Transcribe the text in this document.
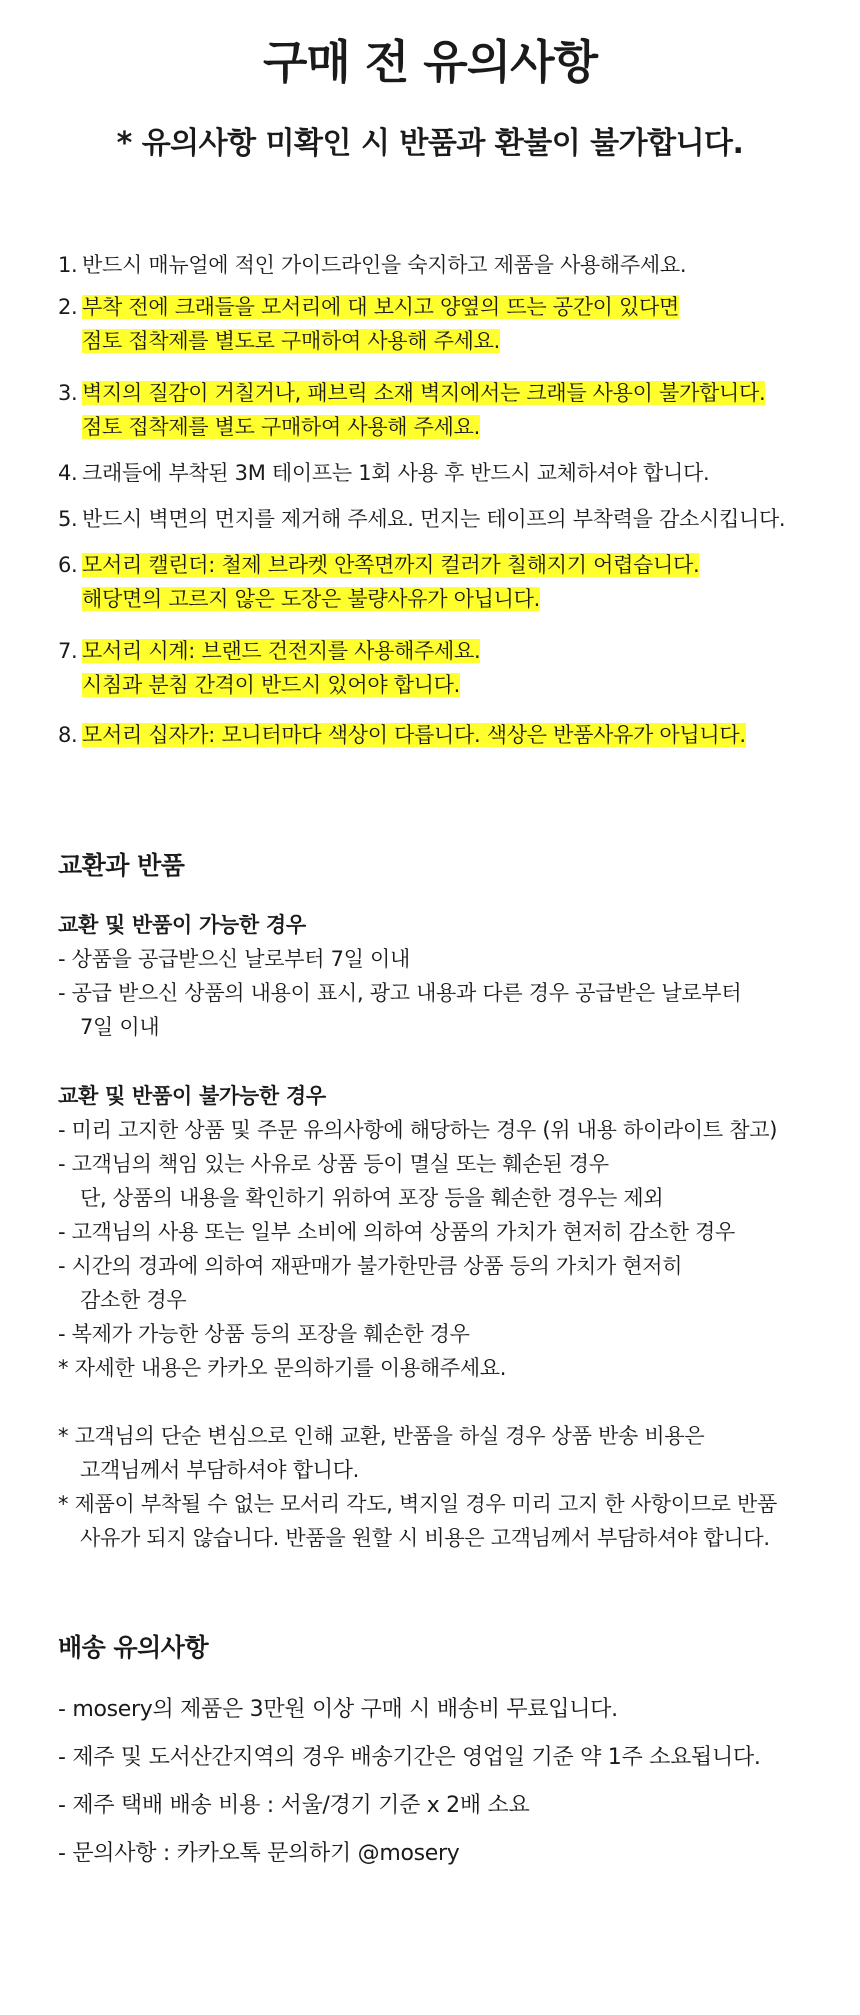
구매 전 유의사항
* 유의사항 미확인 시 반품과 환불이 불가합니다.
1. 반드시 매뉴얼에 적인 가이드라인을 숙지하고 제품을 사용해주세요.
2. 부착 전에 크래들을 모서리에 대 보시고 양옆의 뜨는 공간이 있다면
점토 접착제를 별도로 구매하여 사용해 주세요.
3. 벽지의 질감이 거칠거나, 패브릭 소재 벽지에서는 크래들 사용이 불가합니다.
점토 접착제를 별도 구매하여 사용해 주세요.
4. 크래들에 부착된 3M 테이프는 1회 사용 후 반드시 교체하셔야 합니다.
5. 반드시 벽면의 먼지를 제거해 주세요. 먼지는 테이프의 부착력을 감소시킵니다.
6. 모서리 캘린더: 철제 브라켓 안쪽면까지 컬러가 칠해지기 어렵습니다.
해당면의 고르지 않은 도장은 불량사유가 아닙니다.
7. 모서리 시계: 브랜드 건전지를 사용해주세요.
시침과 분침 간격이 반드시 있어야 합니다.
8. 모서리 십자가: 모니터마다 색상이 다릅니다. 색상은 반품사유가 아닙니다.
교환과 반품
교환 및 반품이 가능한 경우
- 상품을 공급받으신 날로부터 7일 이내
- 공급 받으신 상품의 내용이 표시, 광고 내용과 다른 경우 공급받은 날로부터
7일 이내
교환 및 반품이 불가능한 경우
- 미리 고지한 상품 및 주문 유의사항에 해당하는 경우 (위 내용 하이라이트 참고)
- 고객님의 책임 있는 사유로 상품 등이 멸실 또는 훼손된 경우
단, 상품의 내용을 확인하기 위하여 포장 등을 훼손한 경우는 제외
- 고객님의 사용 또는 일부 소비에 의하여 상품의 가치가 현저히 감소한 경우
- 시간의 경과에 의하여 재판매가 불가한만큼 상품 등의 가치가 현저히
감소한 경우
- 복제가 가능한 상품 등의 포장을 훼손한 경우
* 자세한 내용은 카카오 문의하기를 이용해주세요.
* 고객님의 단순 변심으로 인해 교환, 반품을 하실 경우 상품 반송 비용은
고객님께서 부담하셔야 합니다.
* 제품이 부착될 수 없는 모서리 각도, 벽지일 경우 미리 고지 한 사항이므로 반품
사유가 되지 않습니다. 반품을 원할 시 비용은 고객님께서 부담하셔야 합니다.
배송 유의사항
- mosery의 제품은 3만원 이상 구매 시 배송비 무료입니다.
- 제주 및 도서산간지역의 경우 배송기간은 영업일 기준 약 1주 소요됩니다.
- 제주 택배 배송 비용 : 서울/경기 기준 x 2배 소요
- 문의사항 : 카카오톡 문의하기 @mosery
